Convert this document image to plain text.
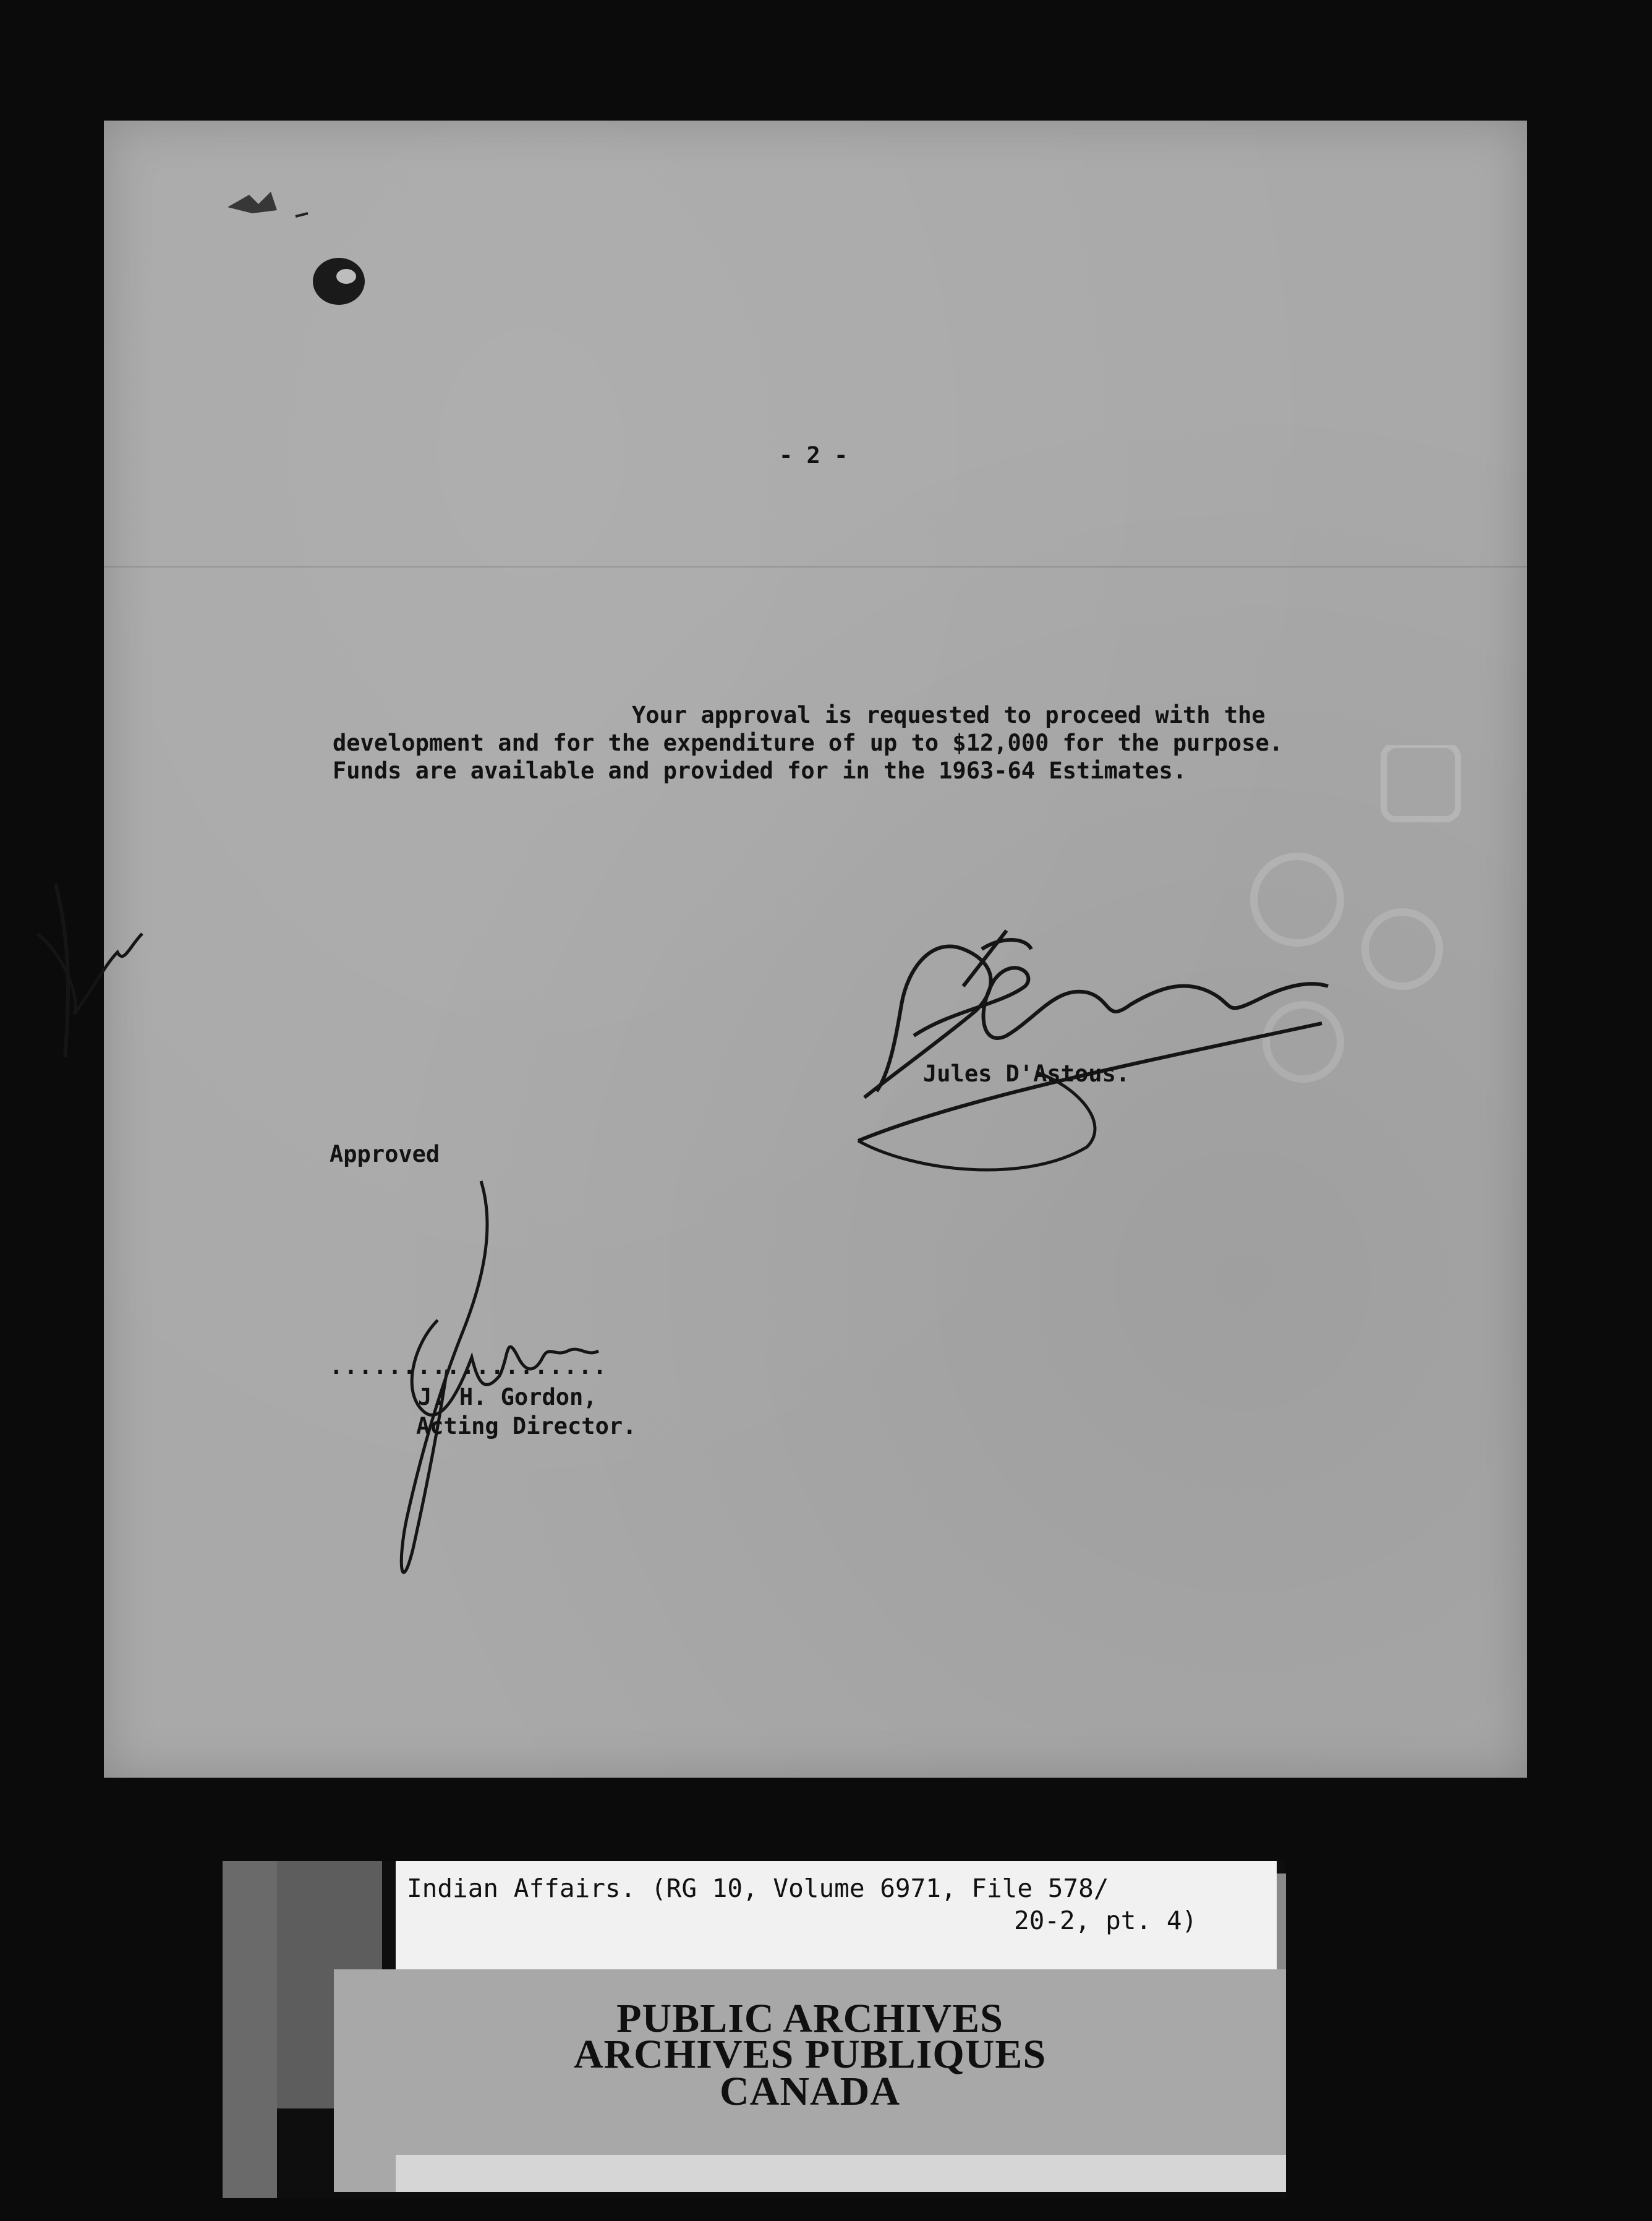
- 2 -
Your approval is requested to proceed with the
development and for the expenditure of up to $12,000 for the purpose.
Funds are available and provided for in the 1963-64 Estimates.
Jules D'Astous.
Approved
...................
J. H. Gordon,
Acting Director.
Indian Affairs. (RG 10, Volume 6971, File 578/
20-2, pt. 4)
PUBLIC ARCHIVES
ARCHIVES PUBLIQUES
CANADA
